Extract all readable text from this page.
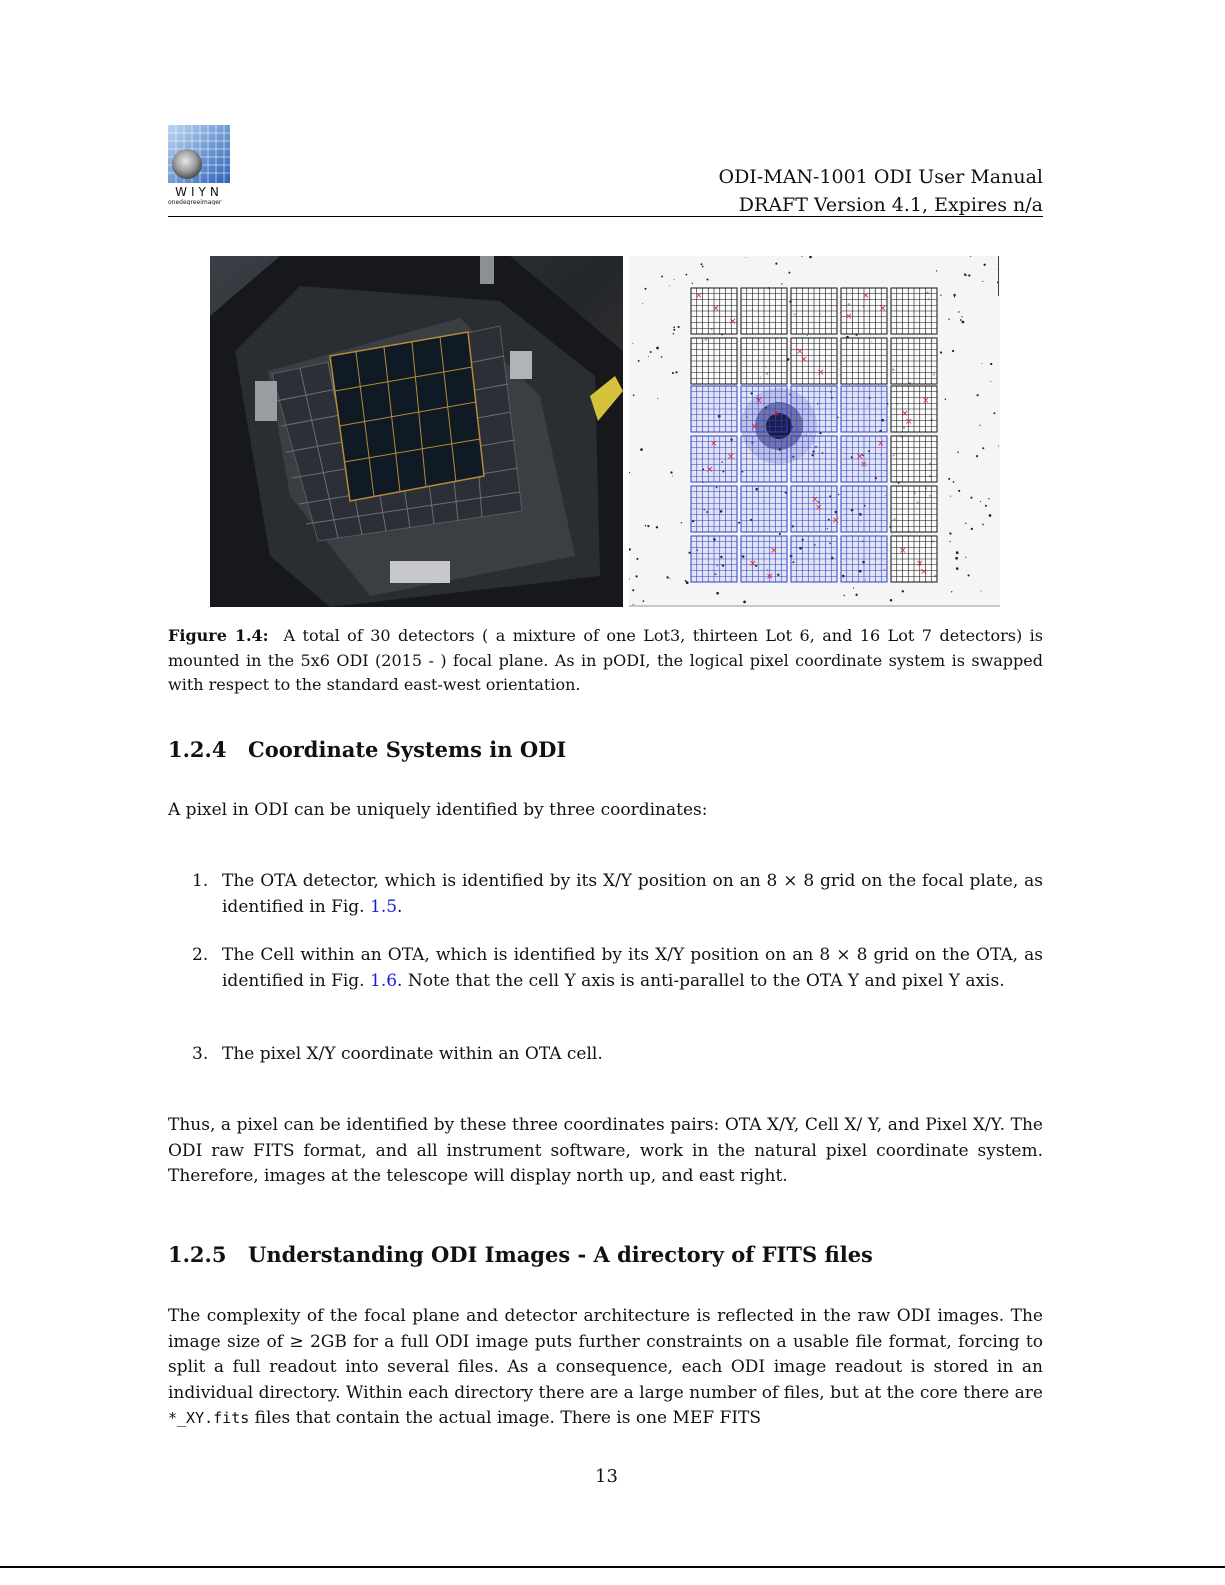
WIYN
onedegreeimager
ODI-MAN-1001 ODI User Manual
DRAFT Version 4.1, Expires n/a
×
×
×	×
×
×
×
×
×
×
×
×	×
×
×
×
×
×	×
×
×
×
×
×
×
×
×	×
×
×
Figure 1.4: A total of 30 detectors ( a mixture of one Lot3, thirteen Lot 6, and 16 Lot 7 detectors) is mounted in the 5x6 ODI (2015 - ) focal plane. As in pODI, the logical pixel coordinate system is swapped with respect to the standard east-west orientation.
1.2.4 Coordinate Systems in ODI
A pixel in ODI can be uniquely identified by three coordinates:
1. The OTA detector, which is identified by its X/Y position on an 8 × 8 grid on the focal plate, as identified in Fig. 1.5.
2. The Cell within an OTA, which is identified by its X/Y position on an 8 × 8 grid on the OTA, as identified in Fig. 1.6. Note that the cell Y axis is anti-parallel to the OTA Y and pixel Y axis.
3. The pixel X/Y coordinate within an OTA cell.
Thus, a pixel can be identified by these three coordinates pairs: OTA X/Y, Cell X/ Y, and Pixel X/Y. The ODI raw FITS format, and all instrument software, work in the natural pixel coordinate system. Therefore, images at the telescope will display north up, and east right.
1.2.5 Understanding ODI Images - A directory of FITS files
The complexity of the focal plane and detector architecture is reflected in the raw ODI images. The image size of ≥ 2GB for a full ODI image puts further constraints on a usable file format, forcing to split a full readout into several files. As a consequence, each ODI image readout is stored in an individual directory. Within each directory there are a large number of files, but at the core there are *_XY.fits files that contain the actual image. There is one MEF FITS
13
